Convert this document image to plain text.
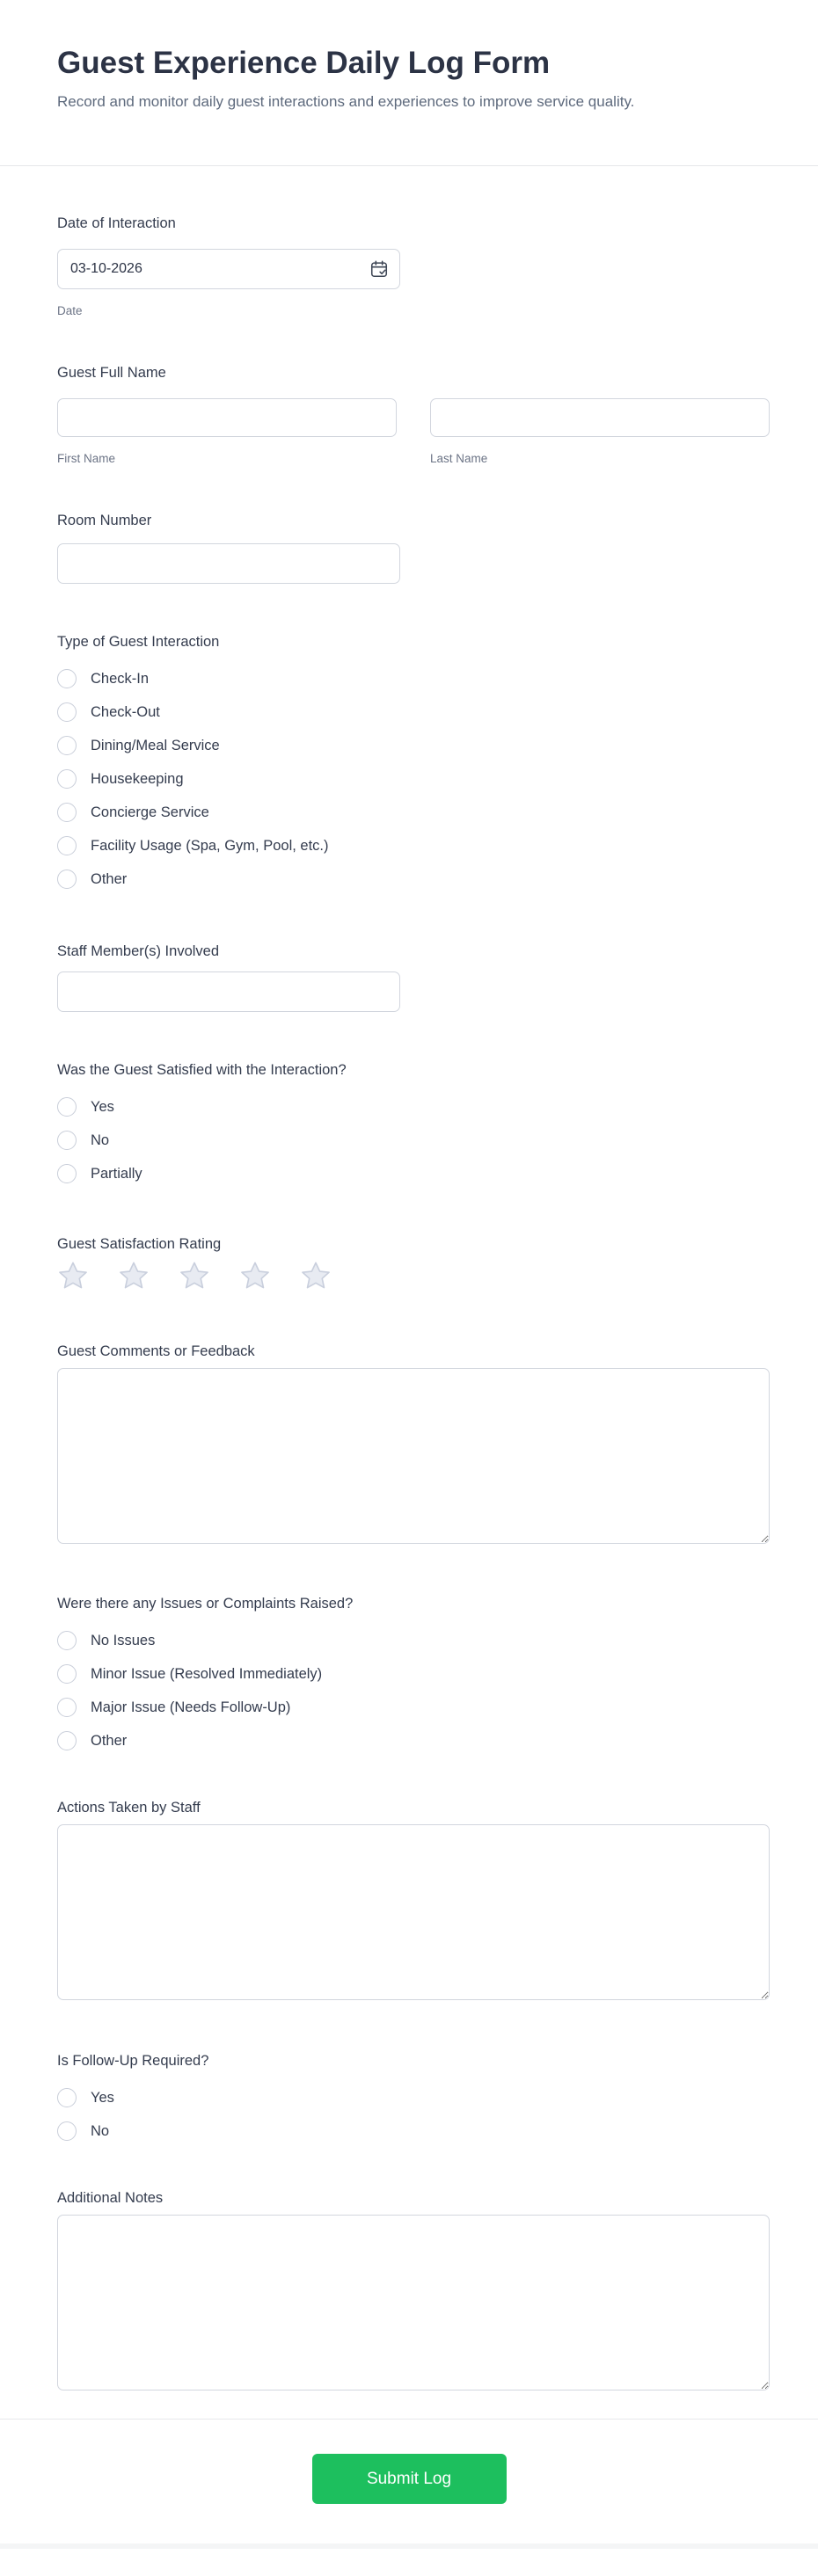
Guest Experience Daily Log Form
Record and monitor daily guest interactions and experiences to improve service quality.
Date of Interaction
03-10-2026
Date
Guest Full Name
First Name	Last Name
Room Number
Type of Guest Interaction
Check-In
Check-Out
Dining/Meal Service
Housekeeping
Concierge Service
Facility Usage (Spa, Gym, Pool, etc.)
Other
Staff Member(s) Involved
Was the Guest Satisfied with the Interaction?
Yes
No
Partially
Guest Satisfaction Rating
Guest Comments or Feedback
Were there any Issues or Complaints Raised?
No Issues
Minor Issue (Resolved Immediately)
Major Issue (Needs Follow-Up)
Other
Actions Taken by Staff
Is Follow-Up Required?
Yes
No
Additional Notes
Submit Log
